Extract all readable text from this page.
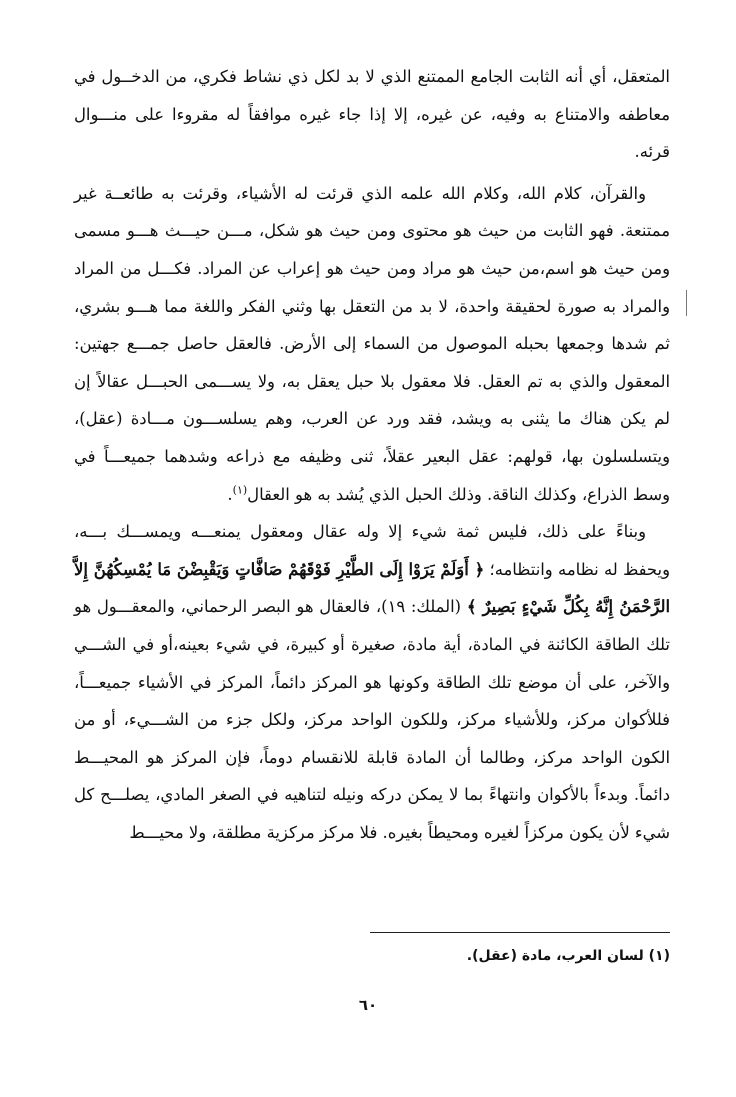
المتعقل، أي أنه الثابت الجامع الممتنع الذي لا بد لكل ذي نشاط فكري، من الدخــول في معاطفه والامتناع به وفيه، عن غيره، إلا إذا جاء غيره موافقاً له مقروءا على منـــوال قرئه.

والقرآن، كلام الله، وكلام الله علمه الذي قرئت له الأشياء، وقرئت به طائعــة غير ممتنعة. فهو الثابت من حيث هو محتوى ومن حيث هو شكل، مـــن حيـــث هـــو مسمى ومن حيث هو اسم،من حيث هو مراد ومن حيث هو إعراب عن المراد. فكـــل من المراد والمراد به صورة لحقيقة واحدة، لا بد من التعقل بها وثني الفكر واللغة مما هـــو بشري، ثم شدها وجمعها بحبله الموصول من السماء إلى الأرض. فالعقل حاصل جمـــع جهتين: المعقول والذي به تم العقل. فلا معقول بلا حبل يعقل به، ولا يســـمى الحبـــل عقالاً إن لم يكن هناك ما يثنى به ويشد، فقد ورد عن العرب، وهم يسلســـون مـــادة (عقل)، ويتسلسلون بها، قولهم: عقل البعير عقلاً، ثنى وظيفه مع ذراعه وشدهما جميعـــاً في وسط الذراع، وكذلك الناقة. وذلك الحبل الذي يُشد به هو العقال$^{(١)}$.

وبناءً على ذلك، فليس ثمة شيء إلا وله عقال ومعقول يمنعـــه ويمســـك بـــه، ويحفظ له نظامه وانتظامه؛ ﴿ أَوَلَمْ يَرَوْا إِلَى الطَّيْرِ فَوْقَهُمْ صَافَّاتٍ وَيَقْبِضْنَ مَا يُمْسِكُهُنَّ إِلاَّ الرَّحْمَنُ إِنَّهُ بِكُلِّ شَيْءٍ بَصِيرٌ ﴾ (الملك: ١٩)، فالعقال هو البصر الرحماني، والمعقـــول هو تلك الطاقة الكائنة في المادة، أية مادة، صغيرة أو كبيرة، في شيء بعينه،أو في الشـــي والآخر، على أن موضع تلك الطاقة وكونها هو المركز دائماً، المركز في الأشياء جميعـــاً، فللأكوان مركز، وللأشياء مركز، وللكون الواحد مركز، ولكل جزء من الشـــيء، أو من الكون الواحد مركز، وطالما أن المادة قابلة للانقسام دوماً، فإن المركز هو المحيـــط دائماً. وبدءاً بالأكوان وانتهاءً بما لا يمكن دركه ونيله لتناهيه في الصغر المادي، يصلـــح كل شيء لأن يكون مركزاً لغيره ومحيطاً بغيره. فلا مركز مركزية مطلقة، ولا محيـــط

(١) لسان العرب، مادة (عقل).
٦٠
